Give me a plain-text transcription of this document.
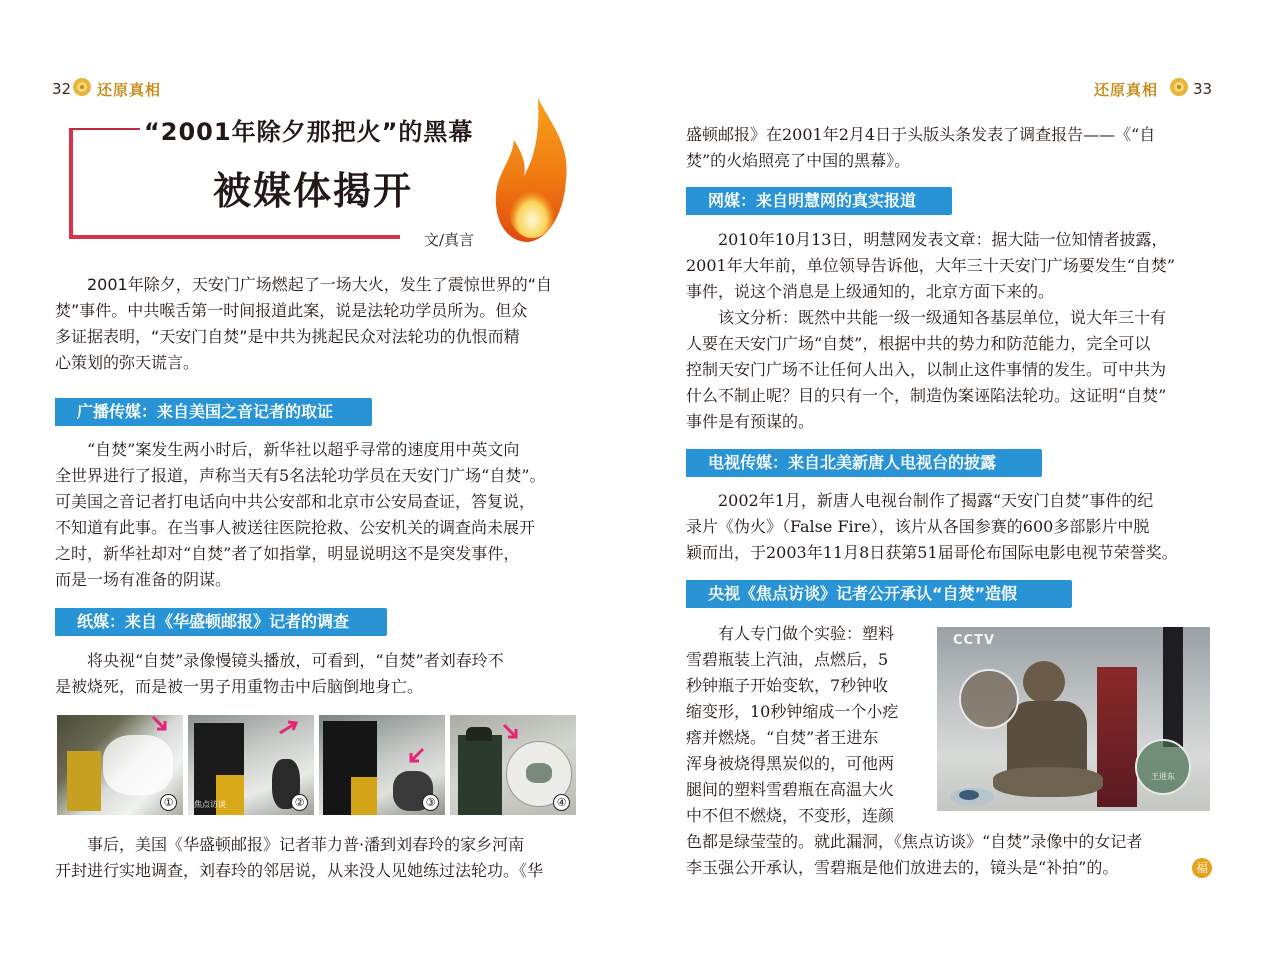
32 还原真相
“2001年除夕那把火”的黑幕
被媒体揭开
文/真言

2001年除夕，天安门广场燃起了一场大火，发生了震惊世界的“自
焚”事件。中共喉舌第一时间报道此案，说是法轮功学员所为。但众
多证据表明，“天安门自焚”是中共为挑起民众对法轮功的仇恨而精
心策划的弥天谎言。

广播传媒：来自美国之音记者的取证

“自焚”案发生两小时后，新华社以超乎寻常的速度用中英文向
全世界进行了报道，声称当天有5名法轮功学员在天安门广场“自焚”。
可美国之音记者打电话向中共公安部和北京市公安局查证，答复说，
不知道有此事。在当事人被送往医院抢救、公安机关的调查尚未展开
之时，新华社却对“自焚”者了如指掌，明显说明这不是突发事件，
而是一场有准备的阴谋。

纸媒：来自《华盛顿邮报》记者的调查

将央视“自焚”录像慢镜头播放，可看到，“自焚”者刘春玲不
是被烧死，而是被一男子用重物击中后脑倒地身亡。

①	焦点访谈	②	③	④

事后，美国《华盛顿邮报》记者菲力普·潘到刘春玲的家乡河南
开封进行实地调查，刘春玲的邻居说，从来没人见她练过法轮功。《华

还原真相 33

盛顿邮报》在2001年2月4日于头版头条发表了调查报告——《“自
焚”的火焰照亮了中国的黑幕》。

网媒：来自明慧网的真实报道

2010年10月13日，明慧网发表文章：据大陆一位知情者披露，
2001年大年前，单位领导告诉他，大年三十天安门广场要发生“自焚”
事件，说这个消息是上级通知的，北京方面下来的。
该文分析：既然中共能一级一级通知各基层单位，说大年三十有
人要在天安门广场“自焚”，根据中共的势力和防范能力，完全可以
控制天安门广场不让任何人出入，以制止这件事情的发生。可中共为
什么不制止呢？目的只有一个，制造伪案诬陷法轮功。这证明“自焚”
事件是有预谋的。

电视传媒：来自北美新唐人电视台的披露

2002年1月，新唐人电视台制作了揭露“天安门自焚”事件的纪
录片《伪火》（False Fire），该片从各国参赛的600多部影片中脱
颖而出，于2003年11月8日获第51届哥伦布国际电影电视节荣誉奖。

央视《焦点访谈》记者公开承认“自焚”造假

有人专门做个实验：塑料
雪碧瓶装上汽油，点燃后，5
秒钟瓶子开始变软，7秒钟收
缩变形，10秒钟缩成一个小疙
瘩并燃烧。“自焚”者王进东
浑身被烧得黑炭似的，可他两
腿间的塑料雪碧瓶在高温大火
中不但不燃烧，不变形，连颜

色都是绿莹莹的。就此漏洞，《焦点访谈》“自焚”录像中的女记者
李玉强公开承认，雪碧瓶是他们放进去的，镜头是“补拍”的。

CCTV
王进东
福
